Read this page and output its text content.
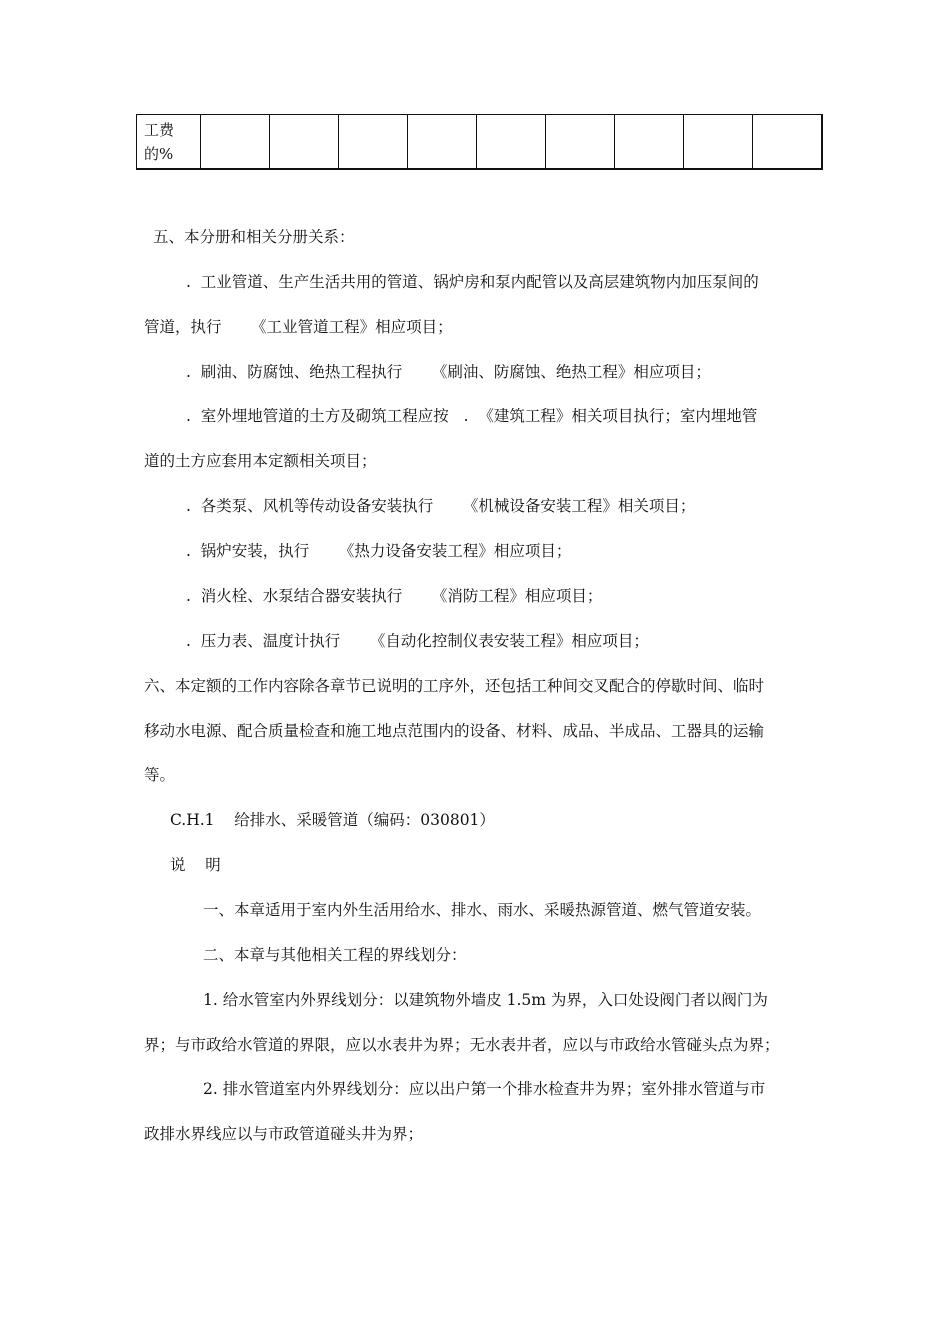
工费
的%

五、本分册和相关分册关系：
.  工业管道、生产生活共用的管道、锅炉房和泵内配管以及高层建筑物内加压泵间的
管道，执行      《工业管道工程》相应项目；
.  刷油、防腐蚀、绝热工程执行      《刷油、防腐蚀、绝热工程》相应项目；
.  室外埋地管道的土方及砌筑工程应按   .  《建筑工程》相关项目执行；室内埋地管
道的土方应套用本定额相关项目；
.  各类泵、风机等传动设备安装执行      《机械设备安装工程》相关项目；
.  锅炉安装，执行      《热力设备安装工程》相应项目；
.  消火栓、水泵结合器安装执行      《消防工程》相应项目；
.  压力表、温度计执行      《自动化控制仪表安装工程》相应项目；
六、本定额的工作内容除各章节已说明的工序外，还包括工种间交叉配合的停歇时间、临时
移动水电源、配合质量检查和施工地点范围内的设备、材料、成品、半成品、工器具的运输
等。
C.H.1    给排水、采暖管道（编码：030801）
说    明
一、本章适用于室内外生活用给水、排水、雨水、采暖热源管道、燃气管道安装。
二、本章与其他相关工程的界线划分：
1. 给水管室内外界线划分：以建筑物外墙皮 1.5m 为界，入口处设阀门者以阀门为
界；与市政给水管道的界限，应以水表井为界；无水表井者，应以与市政给水管碰头点为界；
2. 排水管道室内外界线划分：应以出户第一个排水检查井为界；室外排水管道与市
政排水界线应以与市政管道碰头井为界；
